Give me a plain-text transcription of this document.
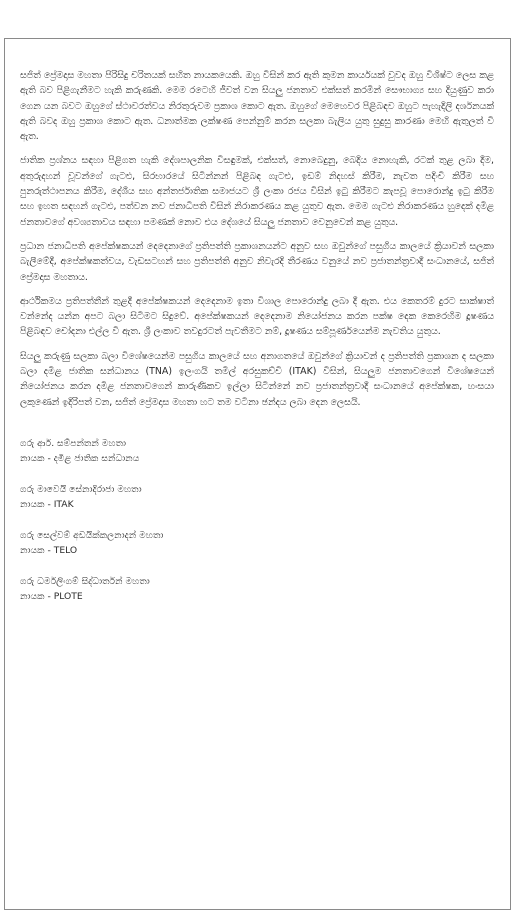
සජිත් ප්‍රේමදාස මහතා පිරිසිදු චරිතයක් සහිත නායකයෙකි. ඔහු විසින් කර ඇති කුමන කාර්යයක් වුවද ඔහු විශිෂ්ට ලෙස කළ ඇති බව පිළිගැනීමට හැකි කරුණකි. මෙම රටෙහි ජීවත් වන සියලු ජනතාව එක්සත් කරමින් සෞභාග්‍ය සහ දියුණුව කරා ගෙන යන බවට ඔහුගේ ස්ථාවරත්වය නිරතුරුවම ප්‍රකාශ කොට ඇත. ඔහුගේ මෙහෙවර පිළිබඳව ඔහුට පැහැදිලි දර්ශනයක් ඇති බවද ඔහු ප්‍රකාශ කොට ඇත. ධනාත්මක ලක්ෂණ පෙන්නුම් කරන සලකා බැලිය යුතු සුදුසු කාරණා මෙහි ඇතුලත් වී ඇත.

ජාතික ප්‍රශ්නය සඳහා පිළිගත හැකි දේශපාලනික විසඳුමක්, එක්සත්, නොබෙදුනු, බෙදිය නොහැකි, රටක් තුළ ලබා දීම, අතුරුදහන් වූවන්ගේ ගැටළු, සිරභාරයේ සිටින්නන් පිළිබඳ ගැටළු, ඉඩම් නිදහස් කිරීම, නැවත පදිංචි කිරීම සහ පුනරුත්ථාපනය කිරීම, දේශීය සහ අන්තර්ජාතික සමාජයට ශ්‍රී ලංකා රජය විසින් ඉටු කිරීමට කැපවූ පොරොන්දු ඉටු කිරීම සහ ඉහත සඳහන් ගැටළු, පත්වන නව ජනාධිපති විසින් නිරාකරණය කළ යුතුව ඇත. මෙම ගැටළු නිරාකරණය හුදෙක් දමිළ ජනතාවගේ අවශ්‍යතාවය සඳහා පමණක් නොව එය දේශයේ සියලු ජනතාව වෙනුවෙන් කළ යුතුය.

ප්‍රධාන ජනාධිපති අපේක්ෂකයන් දෙදෙනාගේ ප්‍රතිපත්ති ප්‍රකාශනයන්ට අනුව සහ ඔවුන්ගේ පසුගිය කාලයේ ක්‍රියාවන් සලකා බැලීමේදී, අපේක්ෂකත්වය, වැඩසටහන් සහ ප්‍රතිපත්ති අනුව නිවැරදි තීරණය වනුයේ නව ප්‍රජාතන්ත්‍රවාදී සංධානයේ, සජිත් ප්‍රේමදාස මහතාය.

ආර්ථිකමය ප්‍රතිපත්තීන් තුළදී අපේක්ෂකයන් දෙදෙනාම ඉතා විශාල පොරොන්දු ලබා දී ඇත. එය කෙතරම් දුරට සාක්ෂාත් වන්නේද යන්න අපට බලා සිටීමට සිදුවේ. අපේක්ෂකයන් දෙදෙනාම නියෝජනය කරන පක්ෂ දෙක කෙරෙහිම දූෂණය පිළිබඳව චෝදනා එල්ල වී ඇත. ශ්‍රී ලංකාව තවදුරටත් පැවතීමට නම්, දූෂණය සම්පූර්ණයෙන්ම නැවතිය යුතුය.

සියලු කරුණු සලකා බලා විශේෂයෙන්ම පසුගිය කාලයේ සහ අනාගතයේ ඔවුන්ගේ ක්‍රියාවන් ද ප්‍රතිපත්ති ප්‍රකාශන ද සලකා බලා දමිළ ජාතික සන්ධානය (TNA) ඉලංගයි තමිල් අරසුකච්චි (ITAK) විසින්, සියලුම ජනතාවගෙන් විශේෂයෙන් නියෝජනය කරන දමිළ ජනතාවගෙන් කාරුණිකව ඉල්ලා සිටින්නේ නව ප්‍රජාතන්ත්‍රවාදී සංධානයේ අපේක්ෂක, හංසයා ලකුණෙන් ඉදිරිපත් වන, සජිත් ප්‍රේමදාස මහතා හට තම වටිනා ඡන්දය ලබා දෙන ලෙසයි.

ගරු ආර්. සම්පන්තන් මහතා
නායක - දමිළ ජාතික සන්ධානය
ගරු මාවෙයි සේනාදිරාජා මහතා
නායක - ITAK
ගරු සෙල්වම් අඩයික්කලනාදන් මහතා
නායක - TELO
ගරු ධර්මලිංගම් සිද්ධාර්තන් මහතා
නායක - PLOTE
